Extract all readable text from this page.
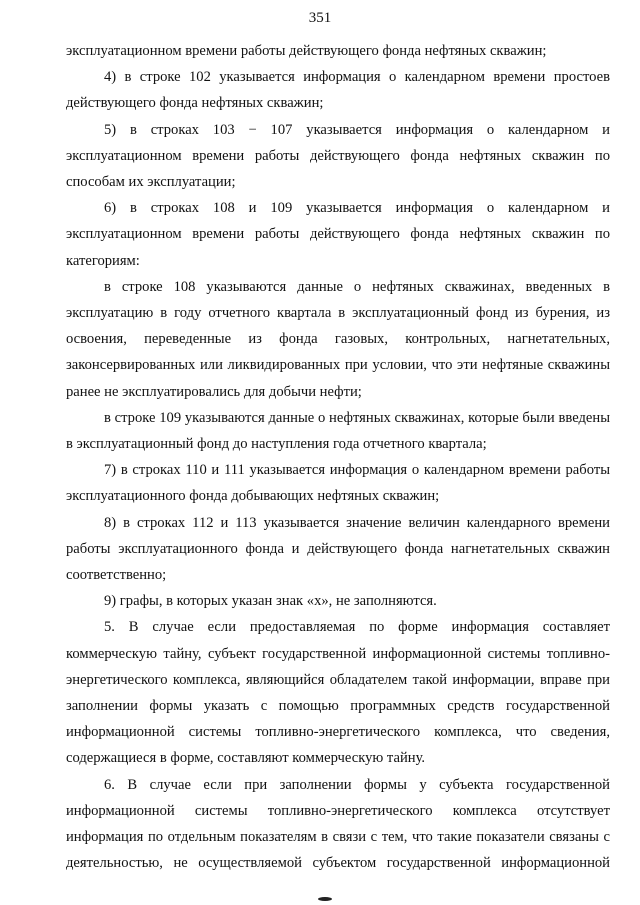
351

эксплуатационном времени работы действующего фонда нефтяных скважин;

4) в строке 102 указывается информация о календарном времени простоев действующего фонда нефтяных скважин;

5) в строках 103 − 107 указывается информация о календарном и эксплуатационном времени работы действующего фонда нефтяных скважин по способам их эксплуатации;

6) в строках 108 и 109 указывается информация о календарном и эксплуатационном времени работы действующего фонда нефтяных скважин по категориям:

в строке 108 указываются данные о нефтяных скважинах, введенных в эксплуатацию в году отчетного квартала в эксплуатационный фонд из бурения, из освоения, переведенные из фонда газовых, контрольных, нагнетательных, законсервированных или ликвидированных при условии, что эти нефтяные скважины ранее не эксплуатировались для добычи нефти;

в строке 109 указываются данные о нефтяных скважинах, которые были введены в эксплуатационный фонд до наступления года отчетного квартала;

7) в строках 110 и 111 указывается информация о календарном времени работы эксплуатационного фонда добывающих нефтяных скважин;

8) в строках 112 и 113 указывается значение величин календарного времени работы эксплуатационного фонда и действующего фонда нагнетательных скважин соответственно;

9) графы, в которых указан знак «х», не заполняются.

5. В случае если предоставляемая по форме информация составляет коммерческую тайну, субъект государственной информационной системы топливно-энергетического комплекса, являющийся обладателем такой информации, вправе при заполнении формы указать с помощью программных средств государственной информационной системы топливно-энергетического комплекса, что сведения, содержащиеся в форме, составляют коммерческую тайну.

6. В случае если при заполнении формы у субъекта государственной информационной системы топливно-энергетического комплекса отсутствует информация по отдельным показателям в связи с тем, что такие показатели связаны с деятельностью, не осуществляемой субъектом государственной информационной
